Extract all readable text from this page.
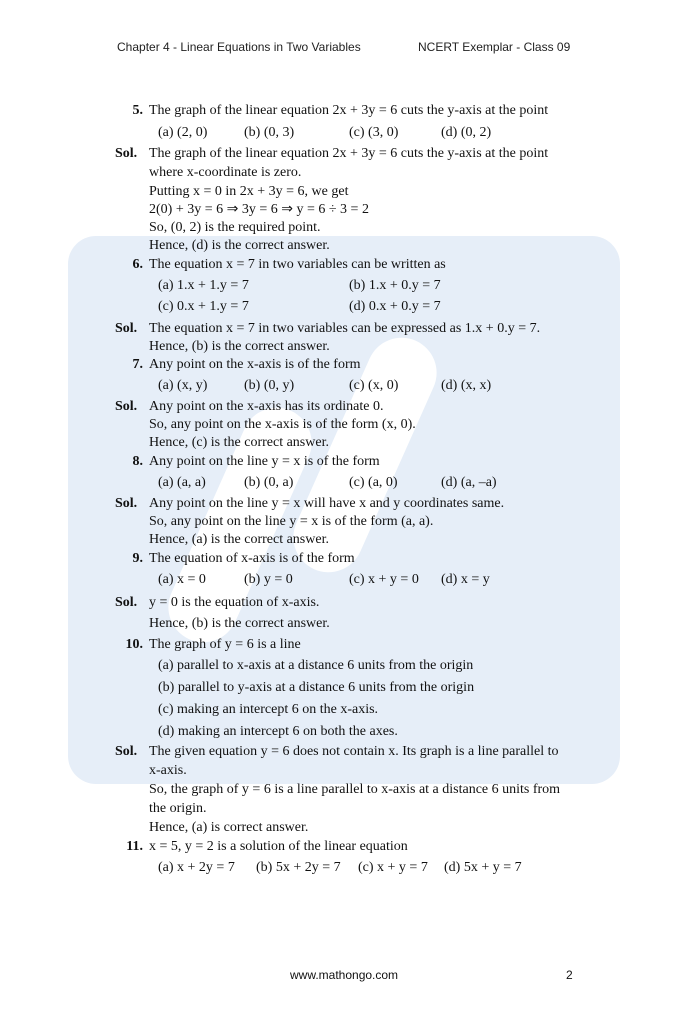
Chapter 4 - Linear Equations in Two Variables	NCERT Exemplar - Class 09
5. The graph of the linear equation 2x + 3y = 6 cuts the y-axis at the point
(a) (2, 0)	(b) (0, 3)	(c) (3, 0)	(d) (0, 2)
Sol. The graph of the linear equation 2x + 3y = 6 cuts the y-axis at the point
where x-coordinate is zero.
Putting x = 0 in 2x + 3y = 6, we get
2(0) + 3y = 6 ⇒ 3y = 6 ⇒ y = 6 ÷ 3 = 2
So, (0, 2) is the required point.
Hence, (d) is the correct answer.
6. The equation x = 7 in two variables can be written as
(a) 1.x + 1.y = 7	(b) 1.x + 0.y = 7
(c) 0.x + 1.y = 7	(d) 0.x + 0.y = 7
Sol. The equation x = 7 in two variables can be expressed as 1.x + 0.y = 7.
Hence, (b) is the correct answer.
7. Any point on the x-axis is of the form
(a) (x, y)	(b) (0, y)	(c) (x, 0)	(d) (x, x)
Sol. Any point on the x-axis has its ordinate 0.
So, any point on the x-axis is of the form (x, 0).
Hence, (c) is the correct answer.
8. Any point on the line y = x is of the form
(a) (a, a)	(b) (0, a)	(c) (a, 0)	(d) (a, –a)
Sol. Any point on the line y = x will have x and y coordinates same.
So, any point on the line y = x is of the form (a, a).
Hence, (a) is the correct answer.
9. The equation of x-axis is of the form
(a) x = 0	(b) y = 0	(c) x + y = 0 (d) x = y
Sol. y = 0 is the equation of x-axis.
Hence, (b) is the correct answer.
10. The graph of y = 6 is a line
(a) parallel to x-axis at a distance 6 units from the origin
(b) parallel to y-axis at a distance 6 units from the origin
(c) making an intercept 6 on the x-axis.
(d) making an intercept 6 on both the axes.
Sol. The given equation y = 6 does not contain x. Its graph is a line parallel to
x-axis.
So, the graph of y = 6 is a line parallel to x-axis at a distance 6 units from
the origin.
Hence, (a) is correct answer.
11. x = 5, y = 2 is a solution of the linear equation
(a) x + 2y = 7 (b) 5x + 2y = 7 (c) x + y = 7 (d) 5x + y = 7
www.mathongo.com	2
